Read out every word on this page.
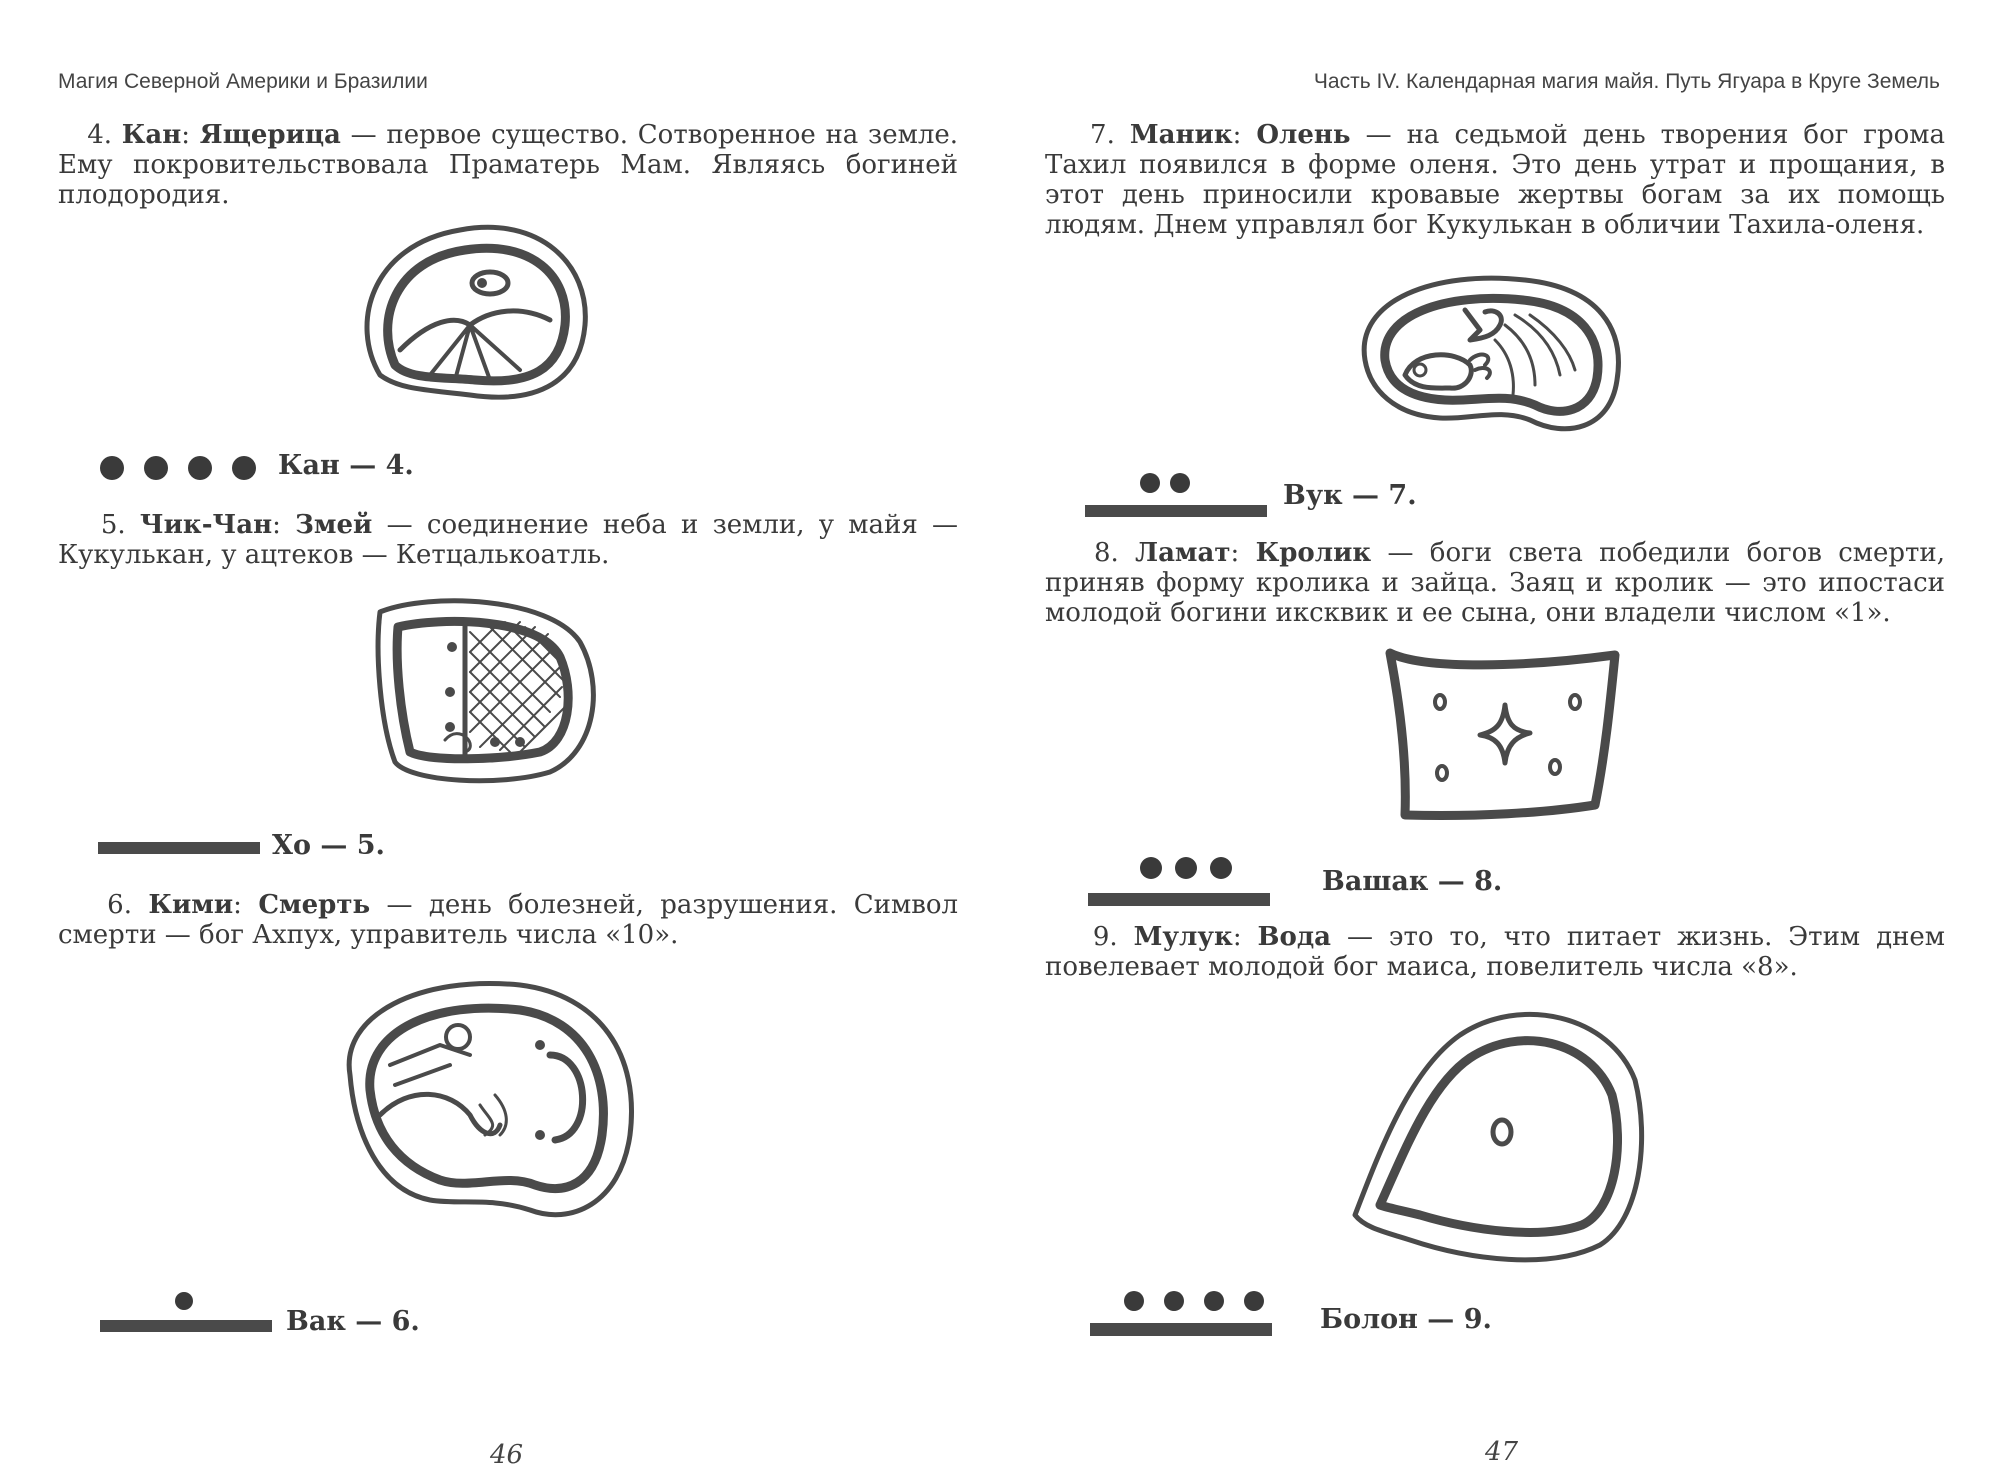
Магия Северной Америки и Бразилии
4. Кан: Ящерица — первое существо. Сотворенное на земле. Ему покровительствовала Праматерь Мам. Являясь богиней плодородия.
Кан — 4.
5. Чик-Чан: Змей — соединение неба и земли, у майя — Кукулькан, у ацтеков — Кетцалькоатль.
Хо — 5.
6. Кими: Смерть — день болезней, разрушения. Символ смерти — бог Ахпух, управитель числа «10».
Вак — 6.
46
Часть IV. Календарная магия майя. Путь Ягуара в Круге Земель
7. Маник: Олень — на седьмой день творения бог грома Тахил появился в форме оленя. Это день утрат и прощания, в этот день приносили кровавые жертвы богам за их помощь людям. Днем управлял бог Кукулькан в обличии Тахила-оленя.
Вук — 7.
8. Ламат: Кролик — боги света победили богов смерти, приняв форму кролика и зайца. Заяц и кролик — это ипостаси молодой богини иксквик и ее сына, они владели числом «1».
Вашак — 8.
9. Мулук: Вода — это то, что питает жизнь. Этим днем повелевает молодой бог маиса, повелитель числа «8».
Болон — 9.
47
